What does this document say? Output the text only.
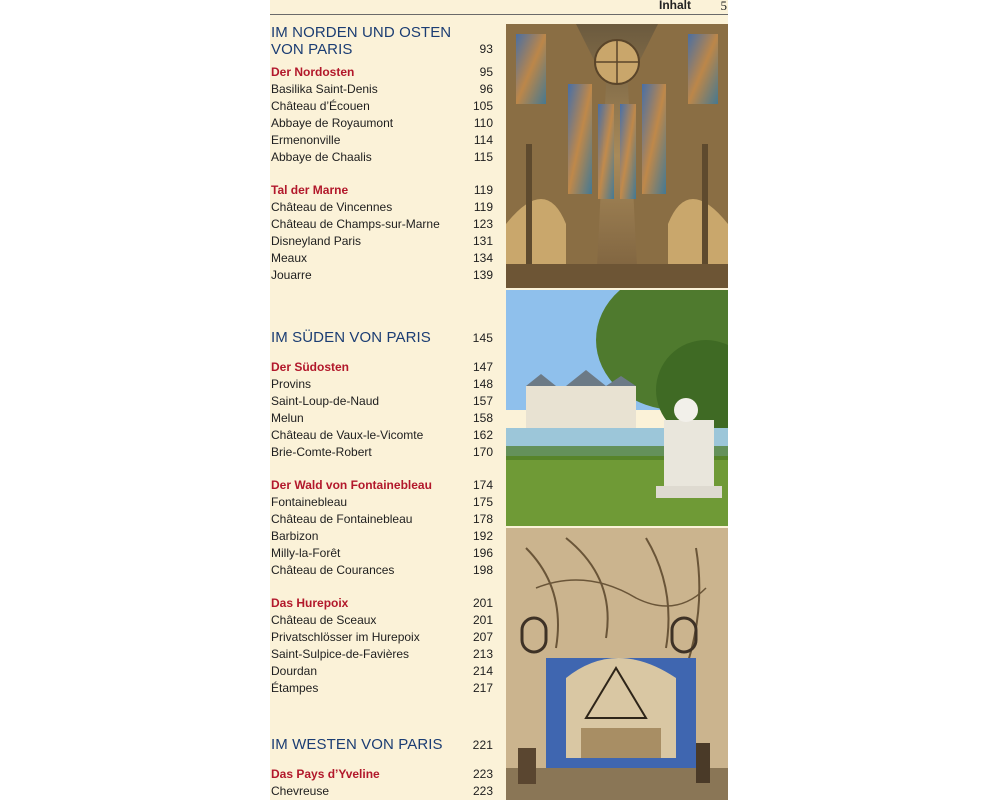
Inhalt 5
IM NORDEN UND OSTEN
VON PARIS	93
Der Nordosten	95
Basilika Saint-Denis	96
Château d’Écouen	105
Abbaye de Royaumont	110
Ermenonville	114
Abbaye de Chaalis	115
Tal der Marne	119
Château de Vincennes	119
Château de Champs-sur-Marne	123
Disneyland Paris	131
Meaux	134
Jouarre	139
IM SÜDEN VON PARIS	145
Der Südosten	147
Provins	148
Saint-Loup-de-Naud	157
Melun	158
Château de Vaux-le-Vicomte	162
Brie-Comte-Robert	170
Der Wald von Fontainebleau	174
Fontainebleau	175
Château de Fontainebleau	178
Barbizon	192
Milly-la-Forêt	196
Château de Courances	198
Das Hurepoix	201
Château de Sceaux	201
Privatschlösser im Hurepoix	207
Saint-Sulpice-de-Favières	213
Dourdan	214
Étampes	217
IM WESTEN VON PARIS	221
Das Pays d’Yveline	223
Chevreuse	223
